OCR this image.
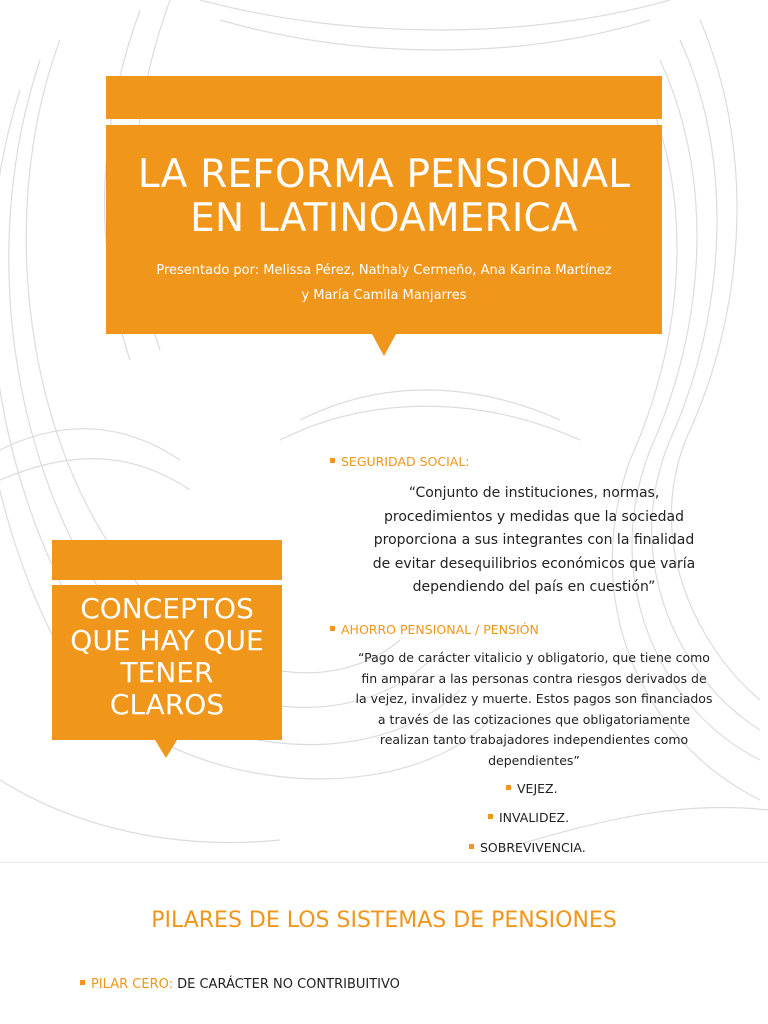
LA REFORMA PENSIONAL
EN LATINOAMERICA
Presentado por: Melissa Pérez, Nathaly Cermeño, Ana Karina Martínez
y María Camila Manjarres
CONCEPTOS
QUE HAY QUE
TENER
CLAROS
SEGURIDAD SOCIAL:
“Conjunto de instituciones, normas,
procedimientos y medidas que la sociedad
proporciona a sus integrantes con la finalidad
de evitar desequilibrios económicos que varía
dependiendo del país en cuestión”
AHORRO PENSIONAL / PENSIÓN
“Pago de carácter vitalicio y obligatorio, que tiene como
fin amparar a las personas contra riesgos derivados de
la vejez, invalidez y muerte. Estos pagos son financiados
a través de las cotizaciones que obligatoriamente
realizan tanto trabajadores independientes como
dependientes”
VEJEZ.
INVALIDEZ.
SOBREVIVENCIA.
PILARES DE LOS SISTEMAS DE PENSIONES
PILAR CERO: DE CARÁCTER NO CONTRIBUITIVO
